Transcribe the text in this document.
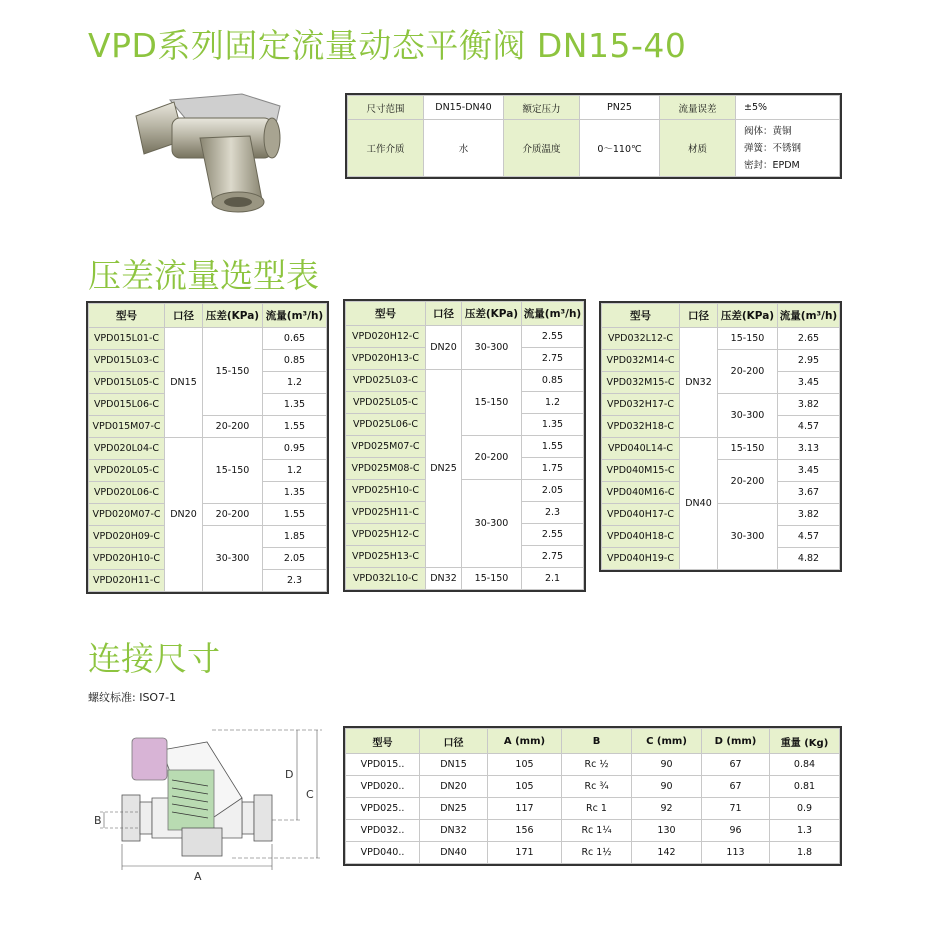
VPD系列固定流量动态平衡阀 DN15-40
尺寸范围	DN15-DN40	额定压力	PN25	流量误差	±5%
工作介质	水	介质温度	0～110℃	材质	阀体：黄铜
弹簧：不锈钢
密封：EPDM
压差流量选型表
型号	口径	压差(KPa)	流量(m³/h)
VPD015L01-C	DN15	15-150	0.65
VPD015L03-C			0.85
VPD015L05-C			1.2
VPD015L06-C			1.35
VPD015M07-C		20-200	1.55
VPD020L04-C	DN20	15-150	0.95
VPD020L05-C			1.2
VPD020L06-C			1.35
VPD020M07-C		20-200	1.55
VPD020H09-C		30-300	1.85
VPD020H10-C			2.05
VPD020H11-C			2.3
型号	口径	压差(KPa)	流量(m³/h)
VPD020H12-C	DN20	30-300	2.55
VPD020H13-C			2.75
VPD025L03-C	DN25	15-150	0.85
VPD025L05-C			1.2
VPD025L06-C			1.35
VPD025M07-C		20-200	1.55
VPD025M08-C			1.75
VPD025H10-C		30-300	2.05
VPD025H11-C			2.3
VPD025H12-C			2.55
VPD025H13-C			2.75
VPD032L10-C	DN32	15-150	2.1
型号	口径	压差(KPa)	流量(m³/h)
VPD032L12-C	DN32	15-150	2.65
VPD032M14-C		20-200	2.95
VPD032M15-C			3.45
VPD032H17-C		30-300	3.82
VPD032H18-C			4.57
VPD040L14-C	DN40	15-150	3.13
VPD040M15-C		20-200	3.45
VPD040M16-C			3.67
VPD040H17-C		30-300	3.82
VPD040H18-C			4.57
VPD040H19-C			4.82
连接尺寸
螺纹标准: ISO7-1
A
B
C
D
型号	口径	A (mm)	B	C (mm)	D (mm)	重量 (Kg)
VPD015..	DN15	105	Rc ½	90	67	0.84
VPD020..	DN20	105	Rc ¾	90	67	0.81
VPD025..	DN25	117	Rc 1	92	71	0.9
VPD032..	DN32	156	Rc 1¼	130	96	1.3
VPD040..	DN40	171	Rc 1½	142	113	1.8
